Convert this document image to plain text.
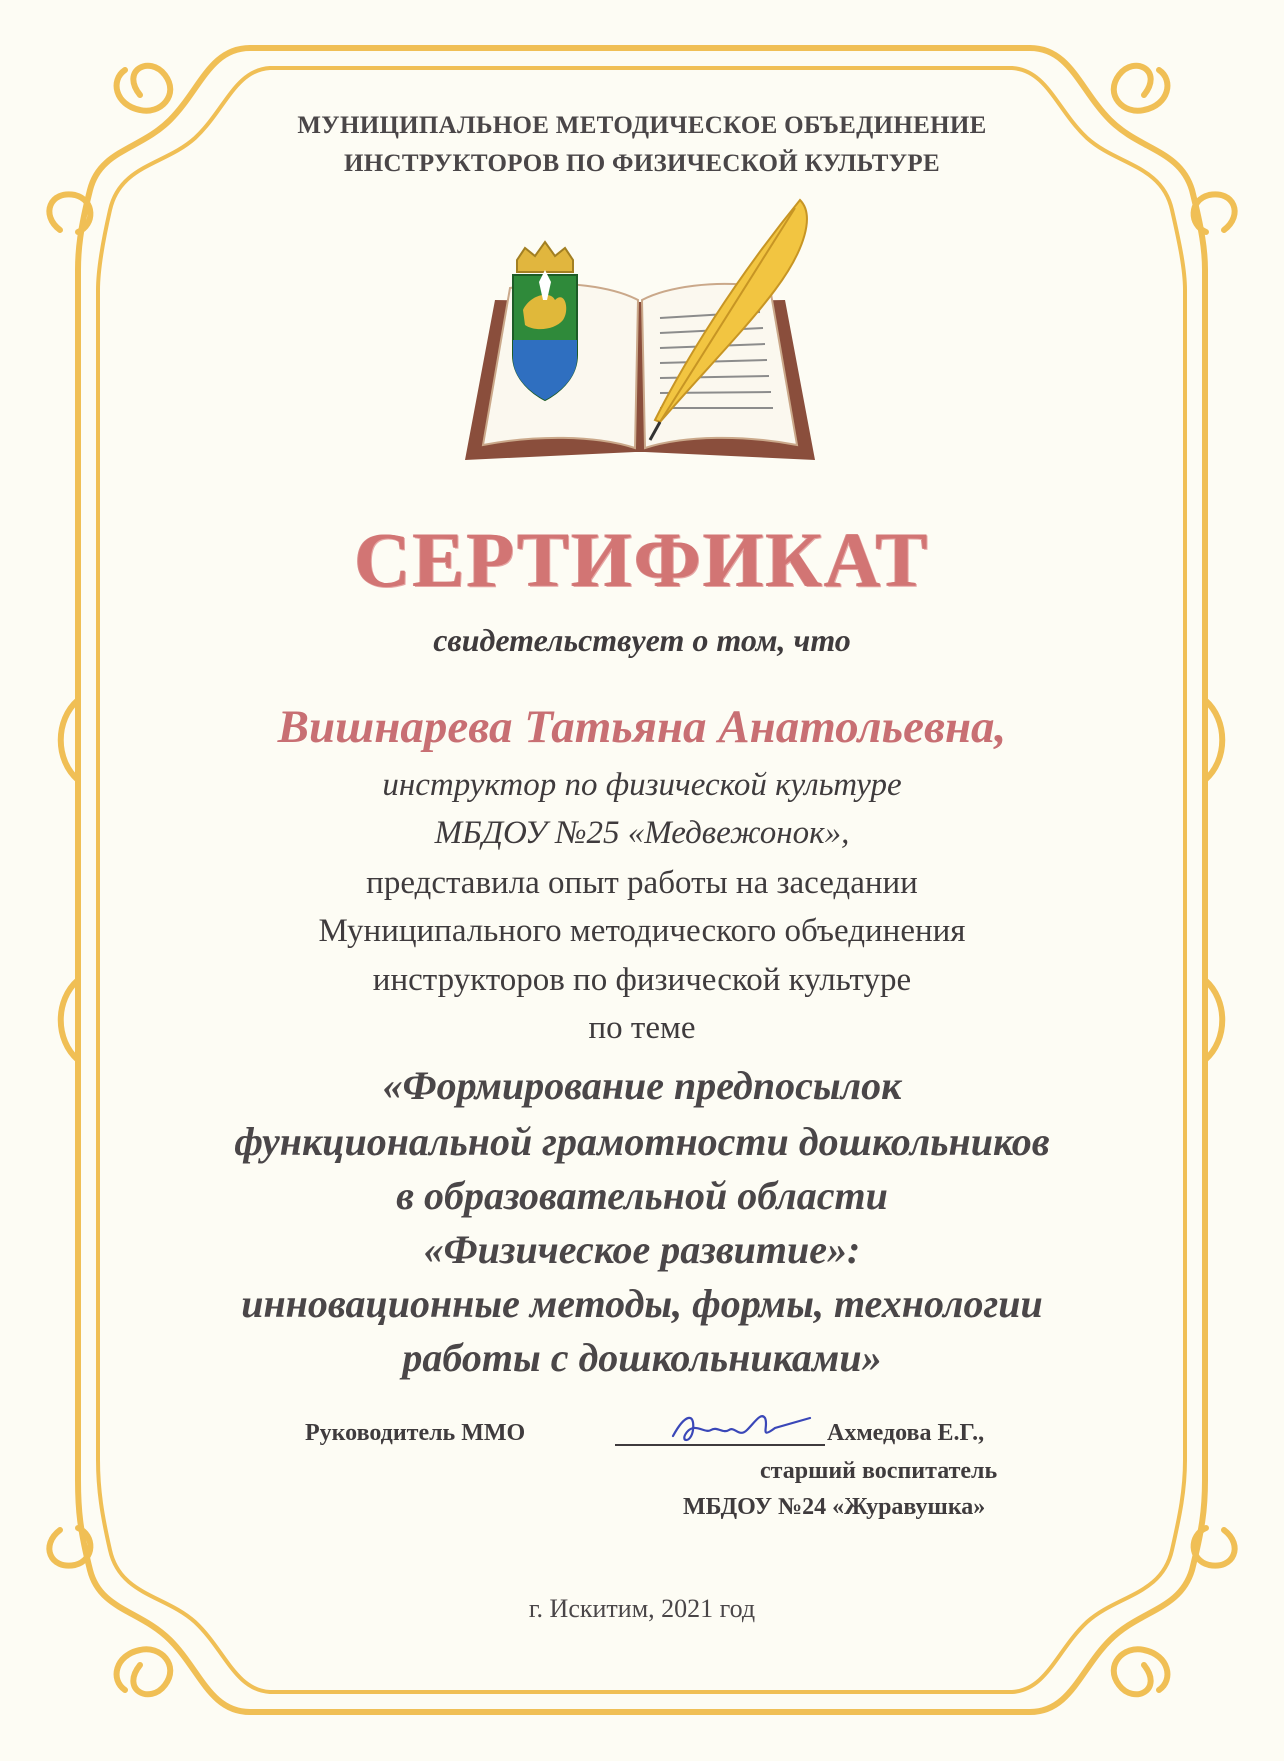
МУНИЦИПАЛЬНОЕ МЕТОДИЧЕСКОЕ ОБЪЕДИНЕНИЕ
ИНСТРУКТОРОВ ПО ФИЗИЧЕСКОЙ КУЛЬТУРЕ
СЕРТИФИКАТ
свидетельствует о том, что
Вишнарева Татьяна Анатольевна,
инструктор по физической культуре
МБДОУ №25 «Медвежонок»,
представила опыт работы на заседании
Муниципального методического объединения
инструкторов по физической культуре
по теме
«Формирование предпосылок
функциональной грамотности дошкольников
в образовательной области
«Физическое развитие»:
инновационные методы, формы, технологии
работы с дошкольниками»
Руководитель ММО	Ахмедова Е.Г.,
старший воспитатель
МБДОУ №24 «Журавушка»
г. Искитим, 2021 год
